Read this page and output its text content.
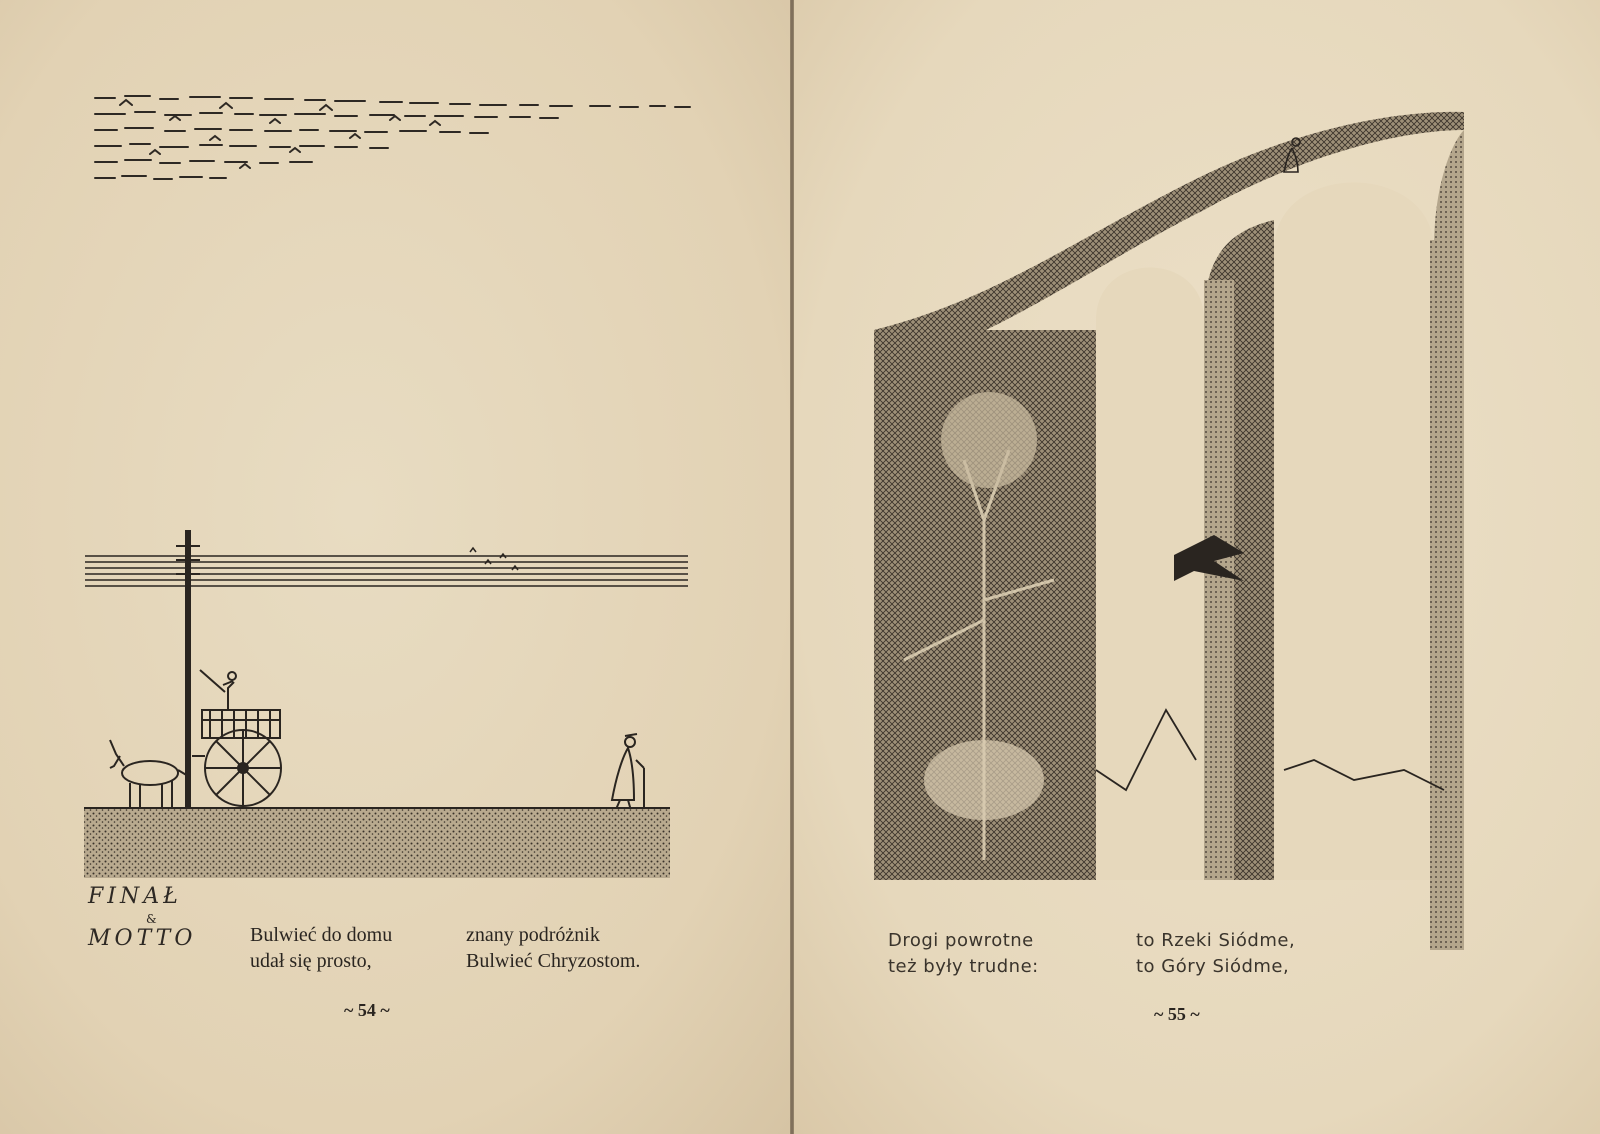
FINAŁ
&
MOTTO	Bulwieć do domu
udał się prosto,
znany podróżnik
Bulwieć Chryzostom.
~ 54 ~
Drogi powrotne
też były trudne:
to Rzeki Siódme,
to Góry Siódme,
~ 55 ~
